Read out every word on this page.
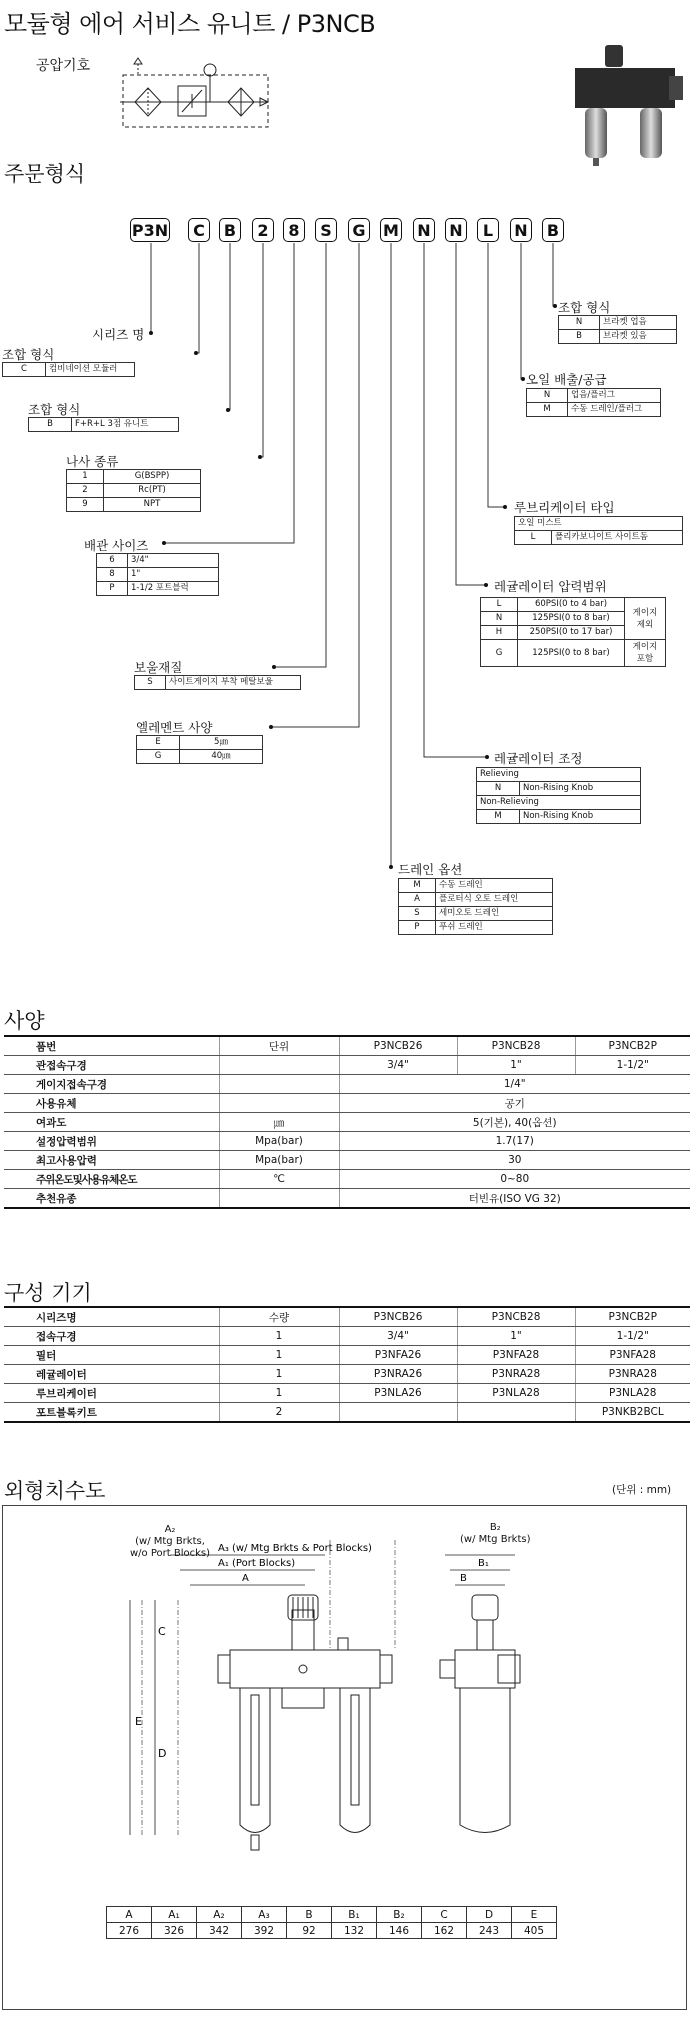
모듈형 에어 서비스 유니트 / P3NCB
공압기호
주문형식
P3N	C	B	2	8	S	G M N N	L	N	B
시리즈 명
조합 형식
C	컴비네이션 모듈러
조합 형식
B	F+R+L 3점 유니트
나사 종류
1	G(BSPP)
2	Rc(PT)
9	NPT
배관 사이즈
6	3/4"
8	1"
P	1-1/2 포트블럭
보울재질
S	사이트게이지 부착 메탈보울
엘레멘트 사양
E	5㎛
G	40㎛
드레인 옵션
M	수동 드레인
A	플로터식 오토 드레인
S	세미오토 드레인
P	푸쉬 드레인
레귤레이터 조정
Relieving	
N	Non-Rising Knob
Non-Relieving	
M	Non-Rising Knob
레귤레이터 압력범위
L	60PSI(0 to 4 bar)	게이지
제외
N	125PSI(0 to 8 bar)	
H	250PSI(0 to 17 bar)	
G	125PSI(0 to 8 bar)	게이지
포함
루브리케이터 타입
오일 미스트
L	폴리카보니이트 사이트돔
오일 배출/공급
N	업음/플러그
M	수동 드레인/플러그
조합 형식
N	브라켓 업음
B	브라켓 있음
사양
품번	단위	P3NCB26	P3NCB28	P3NCB2P
관접속구경		3/4"	1"	1-1/2"
게이지접속구경		1/4"		
사용유체		공기		
여과도	㎛	5(기본), 40(옵션)		
설정압력범위	Mpa(bar)	1.7(17)		
최고사용압력	Mpa(bar)	30		
주위온도및사용유체온도	℃	0~80		
추천유종		터빈유(ISO VG 32)		
구성 기기
시리즈명	수량	P3NCB26	P3NCB28	P3NCB2P
접속구경	1	3/4"	1"	1-1/2"
필터	1	P3NFA26	P3NFA28	P3NFA28
레귤레이터	1	P3NRA26	P3NRA28	P3NRA28
루브리케이터	1	P3NLA26	P3NLA28	P3NLA28
포트블록키트	2			P3NKB2BCL
외형치수도	(단위 : mm)
E
C
D
A₃ (w/ Mtg Brkts & Port Blocks)
A₁ (Port Blocks)
A	B
B₁
A₂
(w/ Mtg Brkts,
w/o Port Blocks)
B₂
(w/ Mtg Brkts)
A	A₁	A₂	A₃	B	B₁	B₂	C	D	E
276	326	342	392	92	132	146	162	243	405
